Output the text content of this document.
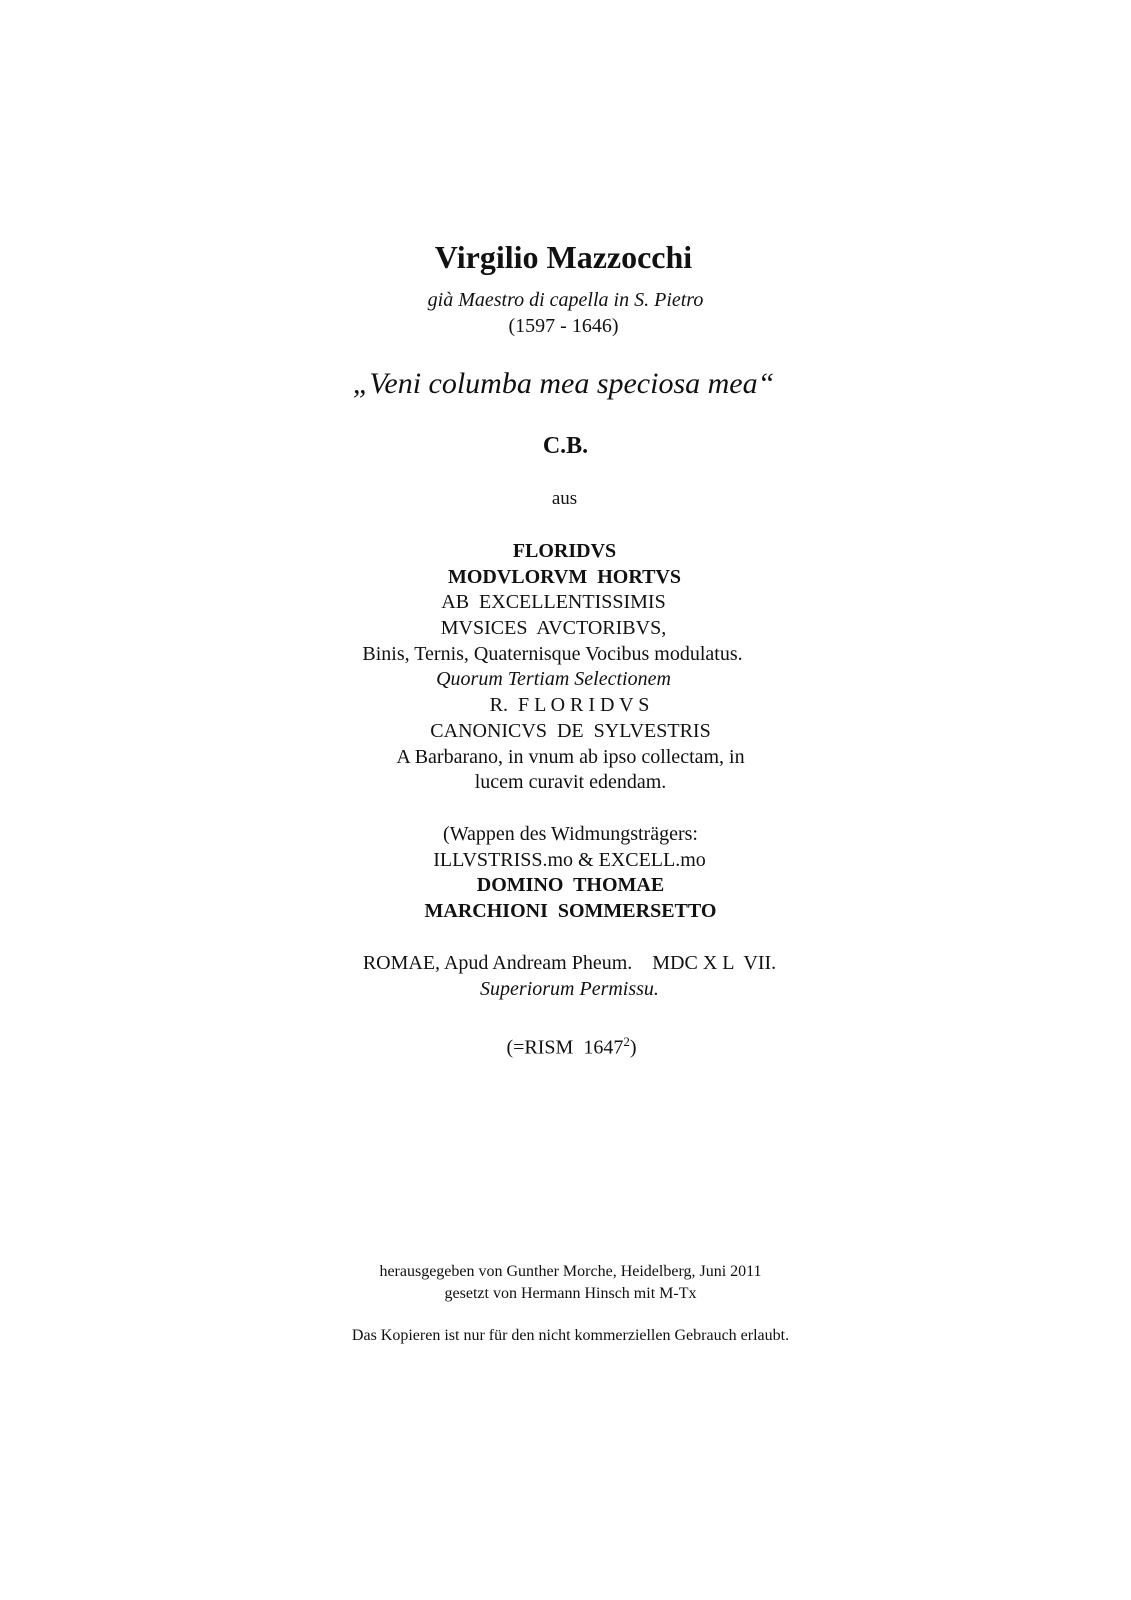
Virgilio Mazzocchi
già Maestro di capella in S. Pietro
(1597 - 1646)
„Veni columba mea speciosa mea“
C.B.
aus
FLORIDVS
MODVLORVM  HORTVS
AB  EXCELLENTISSIMIS
MVSICES  AVCTORIBVS,
Binis, Ternis, Quaternisque Vocibus modulatus.
Quorum Tertiam Selectionem
R.  F L O R I D V S
CANONICVS  DE  SYLVESTRIS
A Barbarano, in vnum ab ipso collectam, in
lucem curavit edendam.
(Wappen des Widmungsträgers:
ILLVSTRISS.mo & EXCELL.mo
DOMINO  THOMAE
MARCHIONI  SOMMERSETTO
ROMAE, Apud Andream Pheum.    MDC X L  VII.
Superiorum Permissu.
(=RISM  1647$^2$)
herausgegeben von Gunther Morche, Heidelberg, Juni 2011
gesetzt von Hermann Hinsch mit M-Tx
Das Kopieren ist nur für den nicht kommerziellen Gebrauch erlaubt.
